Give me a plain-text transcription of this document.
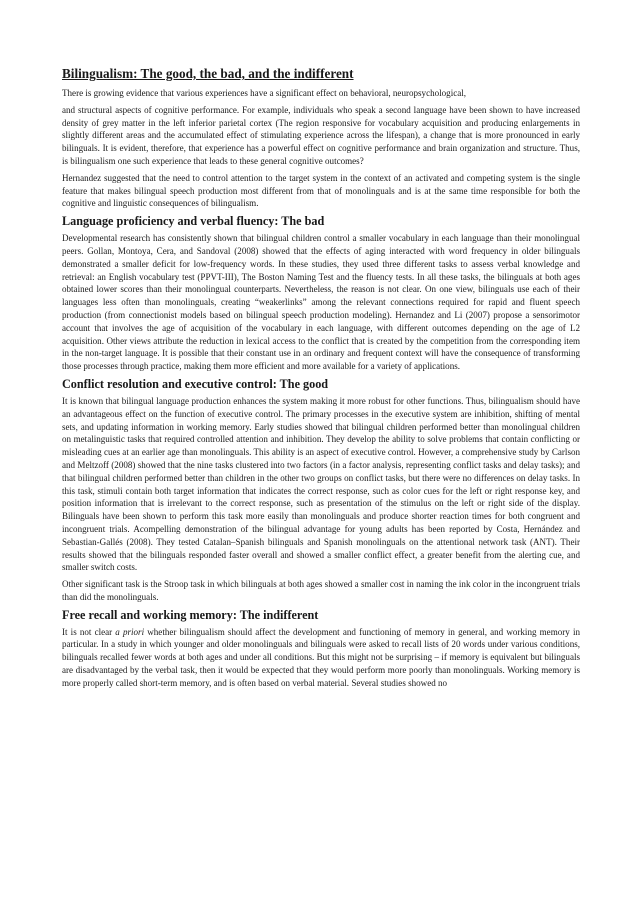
Bilingualism: The good, the bad, and the indifferent

There is growing evidence that various experiences have a significant effect on behavioral, neuropsychological,

and structural aspects of cognitive performance. For example, individuals who speak a second language have been shown to have increased density of grey matter in the left inferior parietal cortex (The region responsive for vocabulary acquisition and producing enlargements in slightly different areas and the accumulated effect of stimulating experience across the lifespan), a change that is more pronounced in early bilinguals. It is evident, therefore, that experience has a powerful effect on cognitive performance and brain organization and structure. Thus, is bilingualism one such experience that leads to these general cognitive outcomes?

Hernandez suggested that the need to control attention to the target system in the context of an activated and competing system is the single feature that makes bilingual speech production most different from that of monolinguals and is at the same time responsible for both the cognitive and linguistic consequences of bilingualism.

Language proficiency and verbal fluency: The bad

Developmental research has consistently shown that bilingual children control a smaller vocabulary in each language than their monolingual peers. Gollan, Montoya, Cera, and Sandoval (2008) showed that the effects of aging interacted with word frequency in older bilinguals demonstrated a smaller deficit for low-frequency words. In these studies, they used three different tasks to assess verbal knowledge and retrieval: an English vocabulary test (PPVT-III), The Boston Naming Test and the fluency tests. In all these tasks, the bilinguals at both ages obtained lower scores than their monolingual counterparts. Nevertheless, the reason is not clear. On one view, bilinguals use each of their languages less often than monolinguals, creating “weakerlinks” among the relevant connections required for rapid and fluent speech production (from connectionist models based on bilingual speech production modeling). Hernandez and Li (2007) propose a sensorimotor account that involves the age of acquisition of the vocabulary in each language, with different outcomes depending on the age of L2 acquisition. Other views attribute the reduction in lexical access to the conflict that is created by the competition from the corresponding item in the non-target language. It is possible that their constant use in an ordinary and frequent context will have the consequence of transforming those processes through practice, making them more efficient and more available for a variety of applications.

Conflict resolution and executive control: The good

It is known that bilingual language production enhances the system making it more robust for other functions. Thus, bilingualism should have an advantageous effect on the function of executive control. The primary processes in the executive system are inhibition, shifting of mental sets, and updating information in working memory. Early studies showed that bilingual children performed better than monolingual children on metalinguistic tasks that required controlled attention and inhibition. They develop the ability to solve problems that contain conflicting or misleading cues at an earlier age than monolinguals. This ability is an aspect of executive control. However, a comprehensive study by Carlson and Meltzoff (2008) showed that the nine tasks clustered into two factors (in a factor analysis, representing conflict tasks and delay tasks); and that bilingual children performed better than children in the other two groups on conflict tasks, but there were no differences on delay tasks. In this task, stimuli contain both target information that indicates the correct response, such as color cues for the left or right response key, and position information that is irrelevant to the correct response, such as presentation of the stimulus on the left or right side of the display. Bilinguals have been shown to perform this task more easily than monolinguals and produce shorter reaction times for both congruent and incongruent trials. Acompelling demonstration of the bilingual advantage for young adults has been reported by Costa, Hernández and Sebastian-Gallés (2008). They tested Catalan–Spanish bilinguals and Spanish monolinguals on the attentional network task (ANT). Their results showed that the bilinguals responded faster overall and showed a smaller conflict effect, a greater benefit from the alerting cue, and smaller switch costs.

Other significant task is the Stroop task in which bilinguals at both ages showed a smaller cost in naming the ink color in the incongruent trials than did the monolinguals.

Free recall and working memory: The indifferent

It is not clear a priori whether bilingualism should affect the development and functioning of memory in general, and working memory in particular. In a study in which younger and older monolinguals and bilinguals were asked to recall lists of 20 words under various conditions, bilinguals recalled fewer words at both ages and under all conditions. But this might not be surprising – if memory is equivalent but bilinguals are disadvantaged by the verbal task, then it would be expected that they would perform more poorly than monolinguals. Working memory is more properly called short-term memory, and is often based on verbal material. Several studies showed no
